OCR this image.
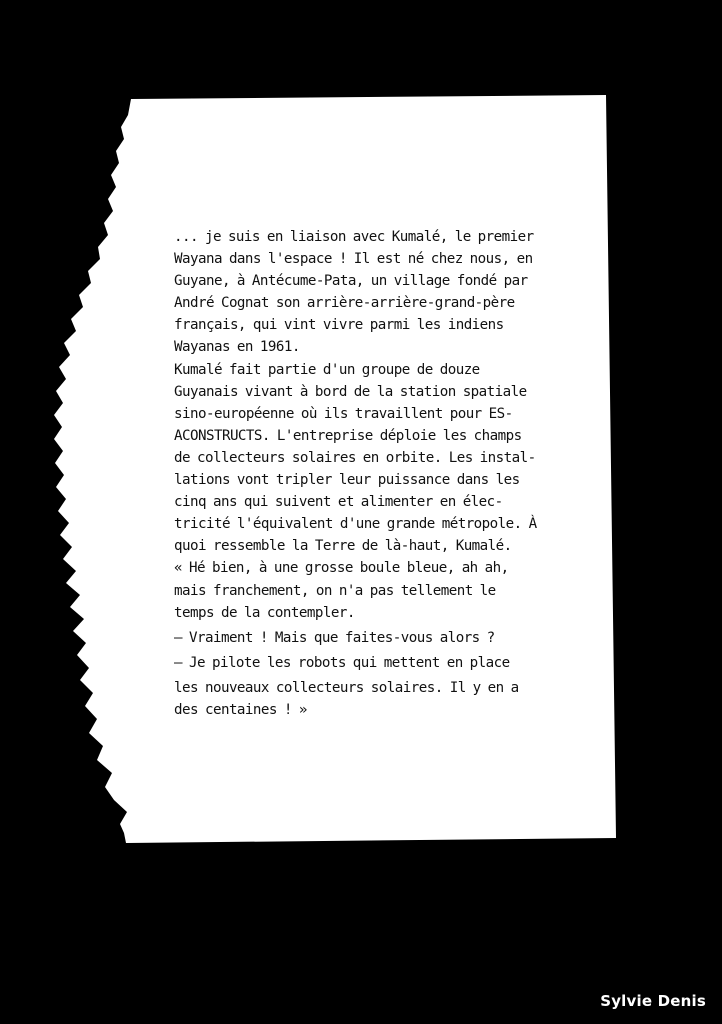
... je suis en liaison avec Kumalé, le premier
Wayana dans l'espace ! Il est né chez nous, en
Guyane, à Antécume-Pata, un village fondé par
André Cognat son arrière-arrière-grand-père
français, qui vint vivre parmi les indiens
Wayanas en 1961.
Kumalé fait partie d'un groupe de douze
Guyanais vivant à bord de la station spatiale
sino-européenne où ils travaillent pour ES-
ACONSTRUCTS. L'entreprise déploie les champs
de collecteurs solaires en orbite. Les instal-
lations vont tripler leur puissance dans les
cinq ans qui suivent et alimenter en élec-
tricité l'équivalent d'une grande métropole. À
quoi ressemble la Terre de là-haut, Kumalé.
« Hé bien, à une grosse boule bleue, ah ah,
mais franchement, on n'a pas tellement le
temps de la contempler.
– Vraiment ! Mais que faites-vous alors ?
– Je pilote les robots qui mettent en place
les nouveaux collecteurs solaires. Il y en a
des centaines ! »
Sylvie Denis
